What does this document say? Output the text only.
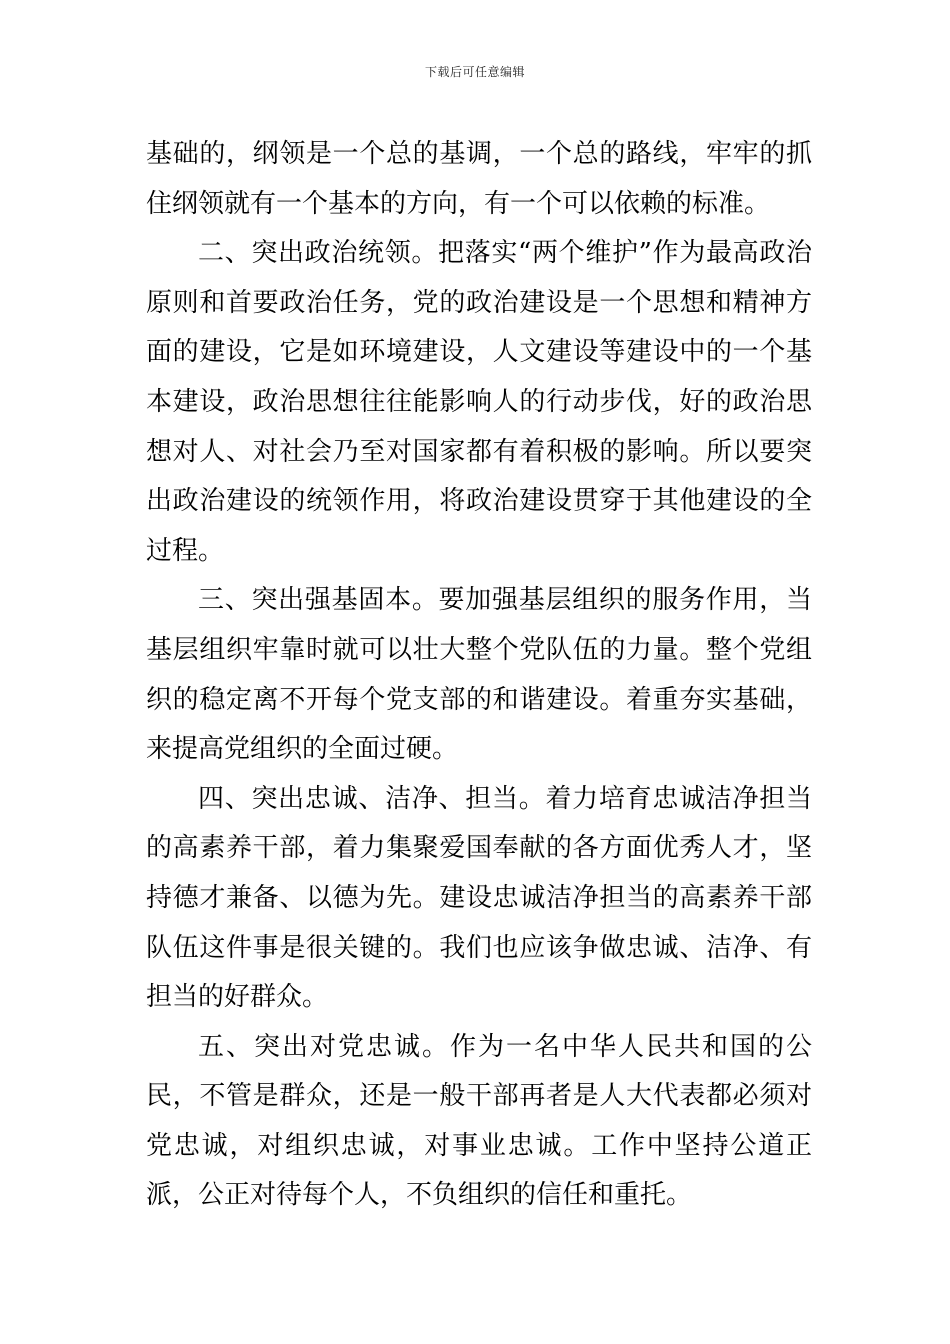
下载后可任意编辑

基础的，纲领是一个总的基调，一个总的路线，牢牢的抓住纲领就有一个基本的方向，有一个可以依赖的标准。

二、突出政治统领。把落实“两个维护”作为最高政治原则和首要政治任务，党的政治建设是一个思想和精神方面的建设，它是如环境建设，人文建设等建设中的一个基本建设，政治思想往往能影响人的行动步伐，好的政治思想对人、对社会乃至对国家都有着积极的影响。所以要突出政治建设的统领作用，将政治建设贯穿于其他建设的全过程。

三、突出强基固本。要加强基层组织的服务作用，当基层组织牢靠时就可以壮大整个党队伍的力量。整个党组织的稳定离不开每个党支部的和谐建设。着重夯实基础，来提高党组织的全面过硬。

四、突出忠诚、洁净、担当。着力培育忠诚洁净担当的高素养干部，着力集聚爱国奉献的各方面优秀人才，坚持德才兼备、以德为先。建设忠诚洁净担当的高素养干部队伍这件事是很关键的。我们也应该争做忠诚、洁净、有担当的好群众。

五、突出对党忠诚。作为一名中华人民共和国的公民，不管是群众，还是一般干部再者是人大代表都必须对党忠诚，对组织忠诚，对事业忠诚。工作中坚持公道正派，公正对待每个人，不负组织的信任和重托。
